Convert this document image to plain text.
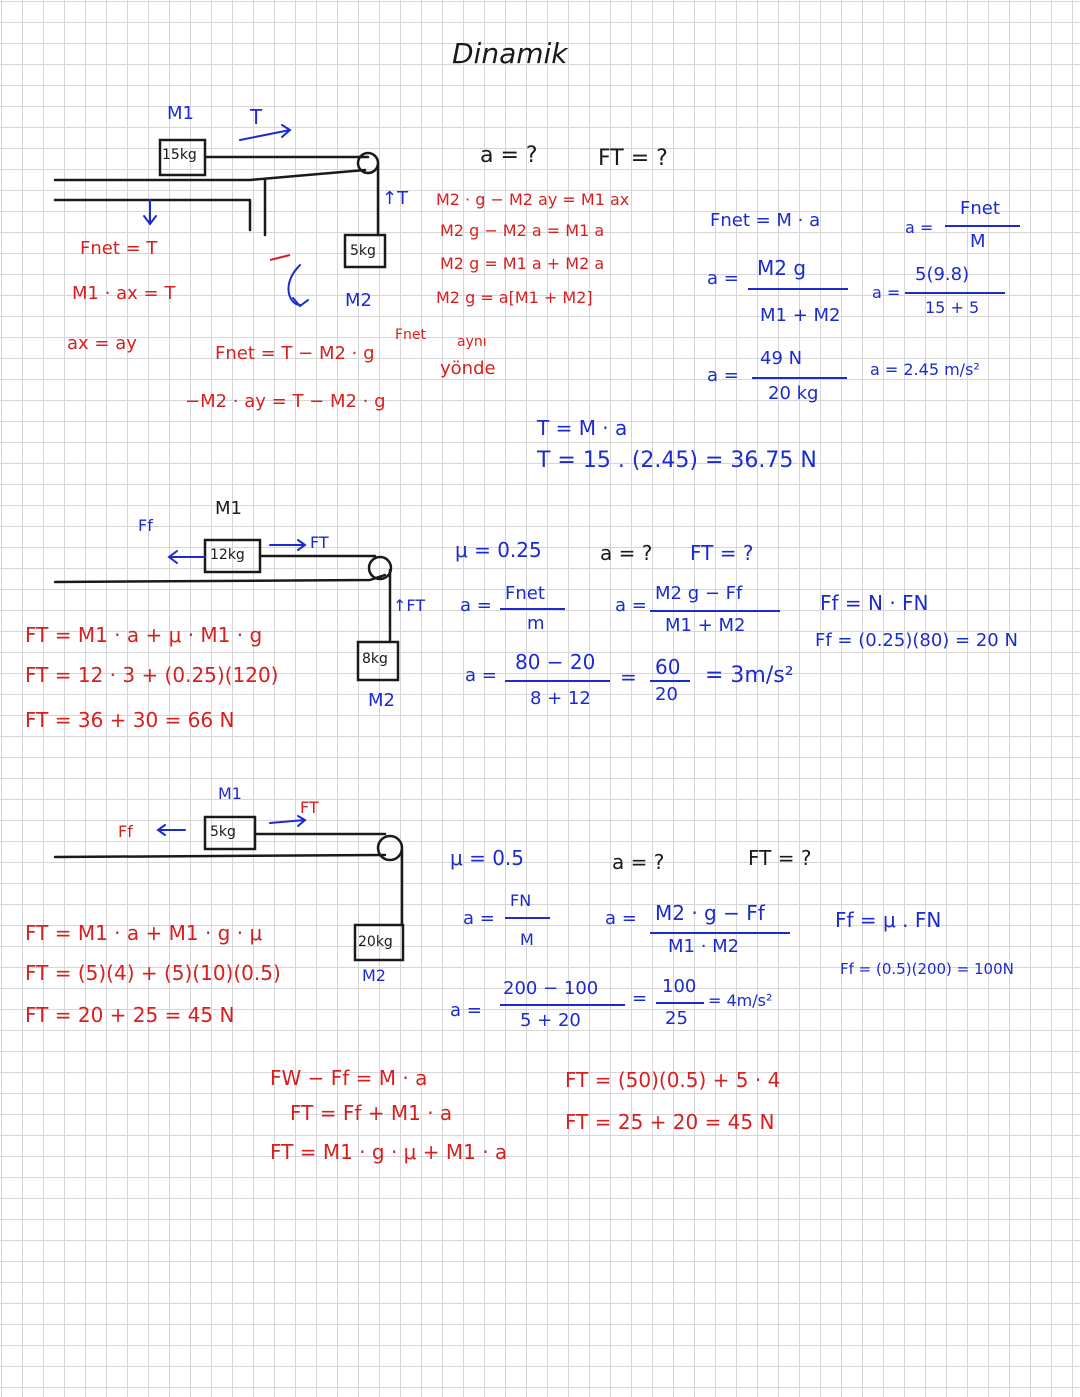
Dinamik
M1
15kg
T
5kg
M2
↑T
Fnet = T
M1 · ax = T
ax = ay	Fnet = T − M2 · g
−M2 · ay = T − M2 · g
a = ?	FT = ?
M2 · g − M2 ay = M1 ax
M2 g − M2 a = M1 a
M2 g = M1 a + M2 a
M2 g = a[M1 + M2]
Fnet aynı
yönde
Fnet = M · a
a = M2 g
M1 + M2
a =
49 N
20 kg
T = M · a
T = 15 . (2.45) = 36.75 N
a =
Fnet
M
a =
5(9.8)
15 + 5
a = 2.45 m/s²
Ff
M1
12kg
FT
↑FT
8kg
M2
FT = M1 · a + μ · M1 · g
FT = 12 · 3 + (0.25)(120)
FT = 36 + 30 = 66 N
μ = 0.25	a = ? FT = ?
a =
Fnet
m
a =
M2 g − Ff
M1 + M2
a =
80 − 20
8 + 12
= 60
20
= 3m/s²
Ff = N · FN
Ff = (0.25)(80) = 20 N
Ff
M1
5kg
FT
20kg
M2
FT = M1 · a + M1 · g · μ
FT = (5)(4) + (5)(10)(0.5)
FT = 20 + 25 = 45 N
μ = 0.5	a = ?	FT = ?
a =
FN
M
a = M2 · g − Ff
M1 · M2
a =
200 − 100
5 + 20
=
100
25
= 4m/s²
Ff = μ . FN
Ff = (0.5)(200) = 100N
FW − Ff = M · a
FT = Ff + M1 · a
FT = M1 · g · μ + M1 · a
FT = (50)(0.5) + 5 · 4
FT = 25 + 20 = 45 N
